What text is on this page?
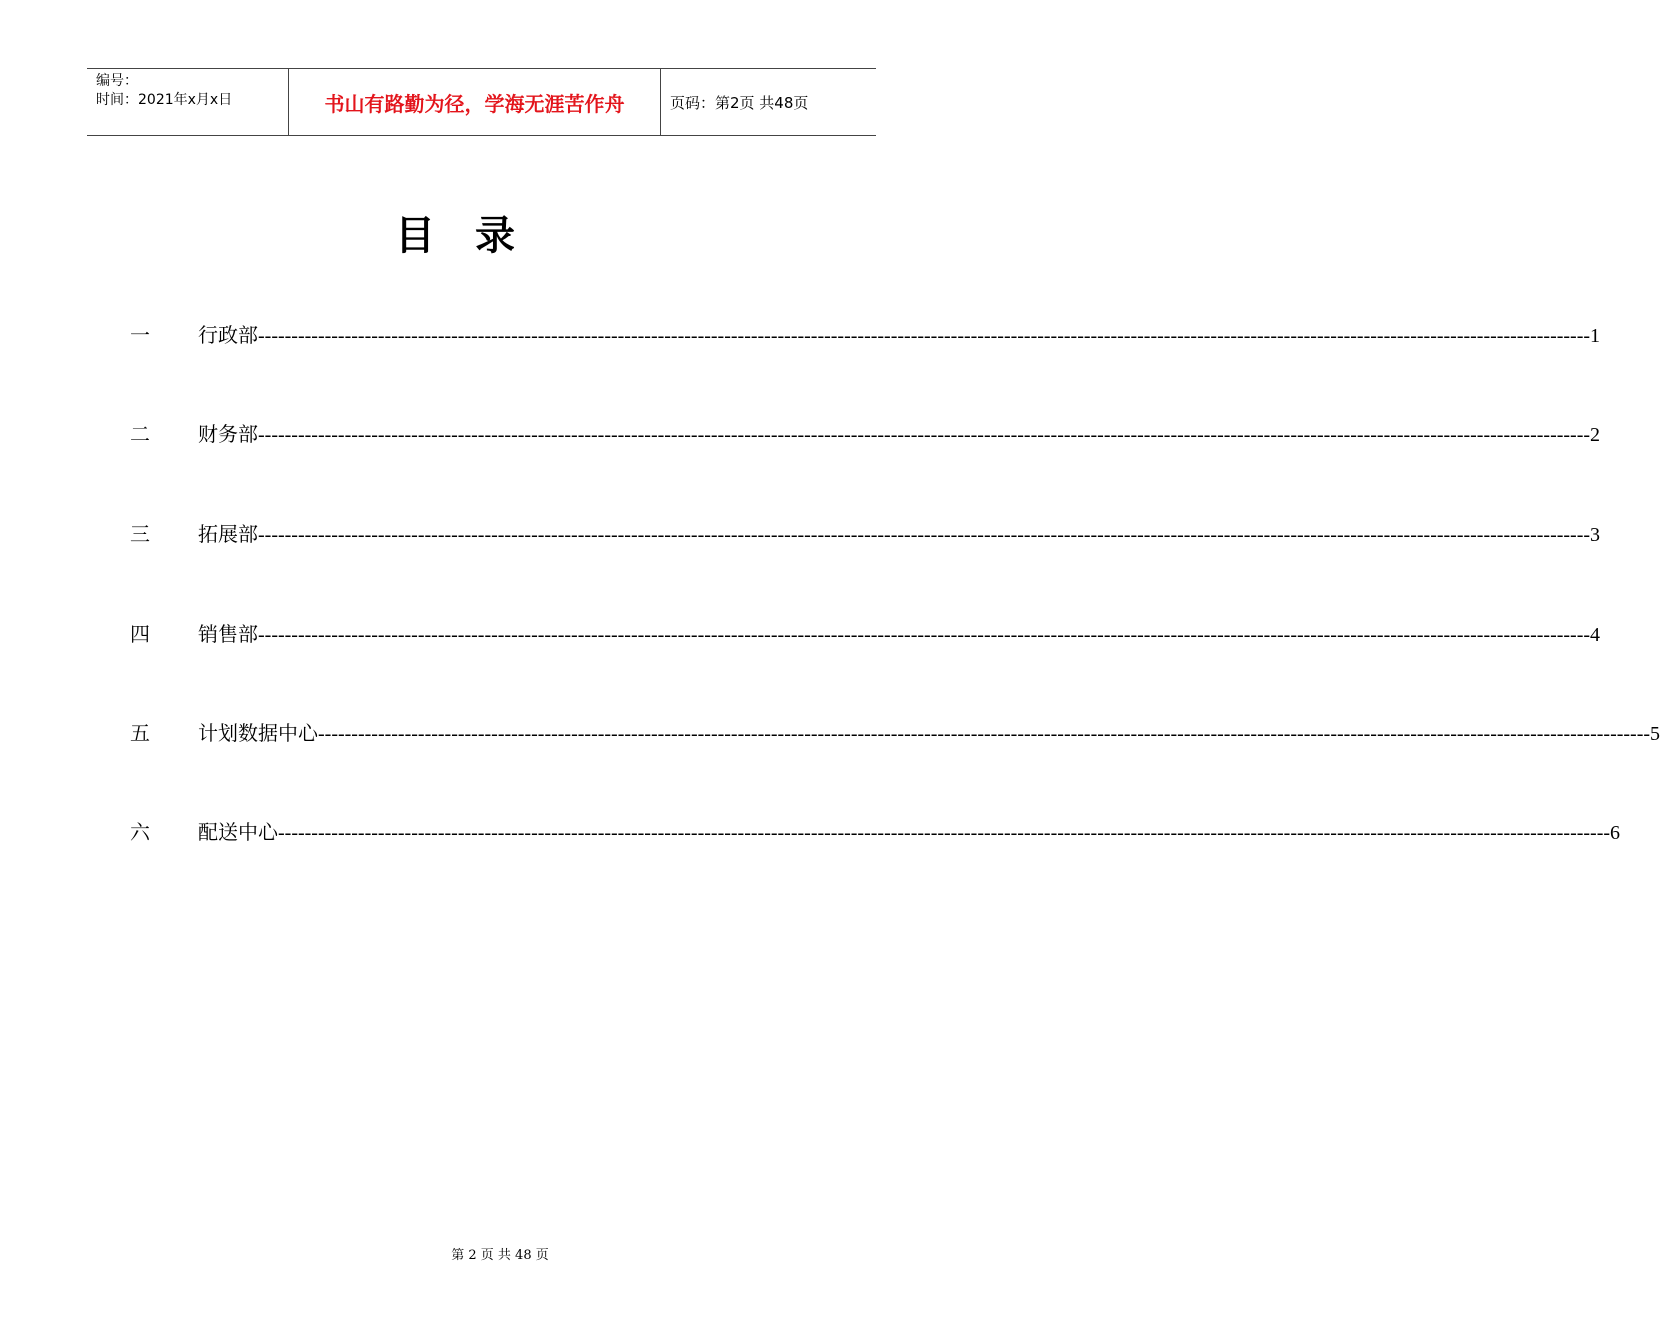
编号：
时间：2021年x月x日	书山有路勤为径，学海无涯苦作舟	页码：第2页 共48页
目录
一	行政部 -------------------------------------------------------------------------------------------------------------------------------------------------------------------------------------------------------- 1
二	财务部 -------------------------------------------------------------------------------------------------------------------------------------------------------------------------------------------------------- 2
三	拓展部 -------------------------------------------------------------------------------------------------------------------------------------------------------------------------------------------------------- 3
四	销售部 -------------------------------------------------------------------------------------------------------------------------------------------------------------------------------------------------------- 4
五	计划数据中心 -------------------------------------------------------------------------------------------------------------------------------------------------------------------------------------------------------- 5
六	配送中心 -------------------------------------------------------------------------------------------------------------------------------------------------------------------------------------------------------- 6
第 2 页 共 48 页
